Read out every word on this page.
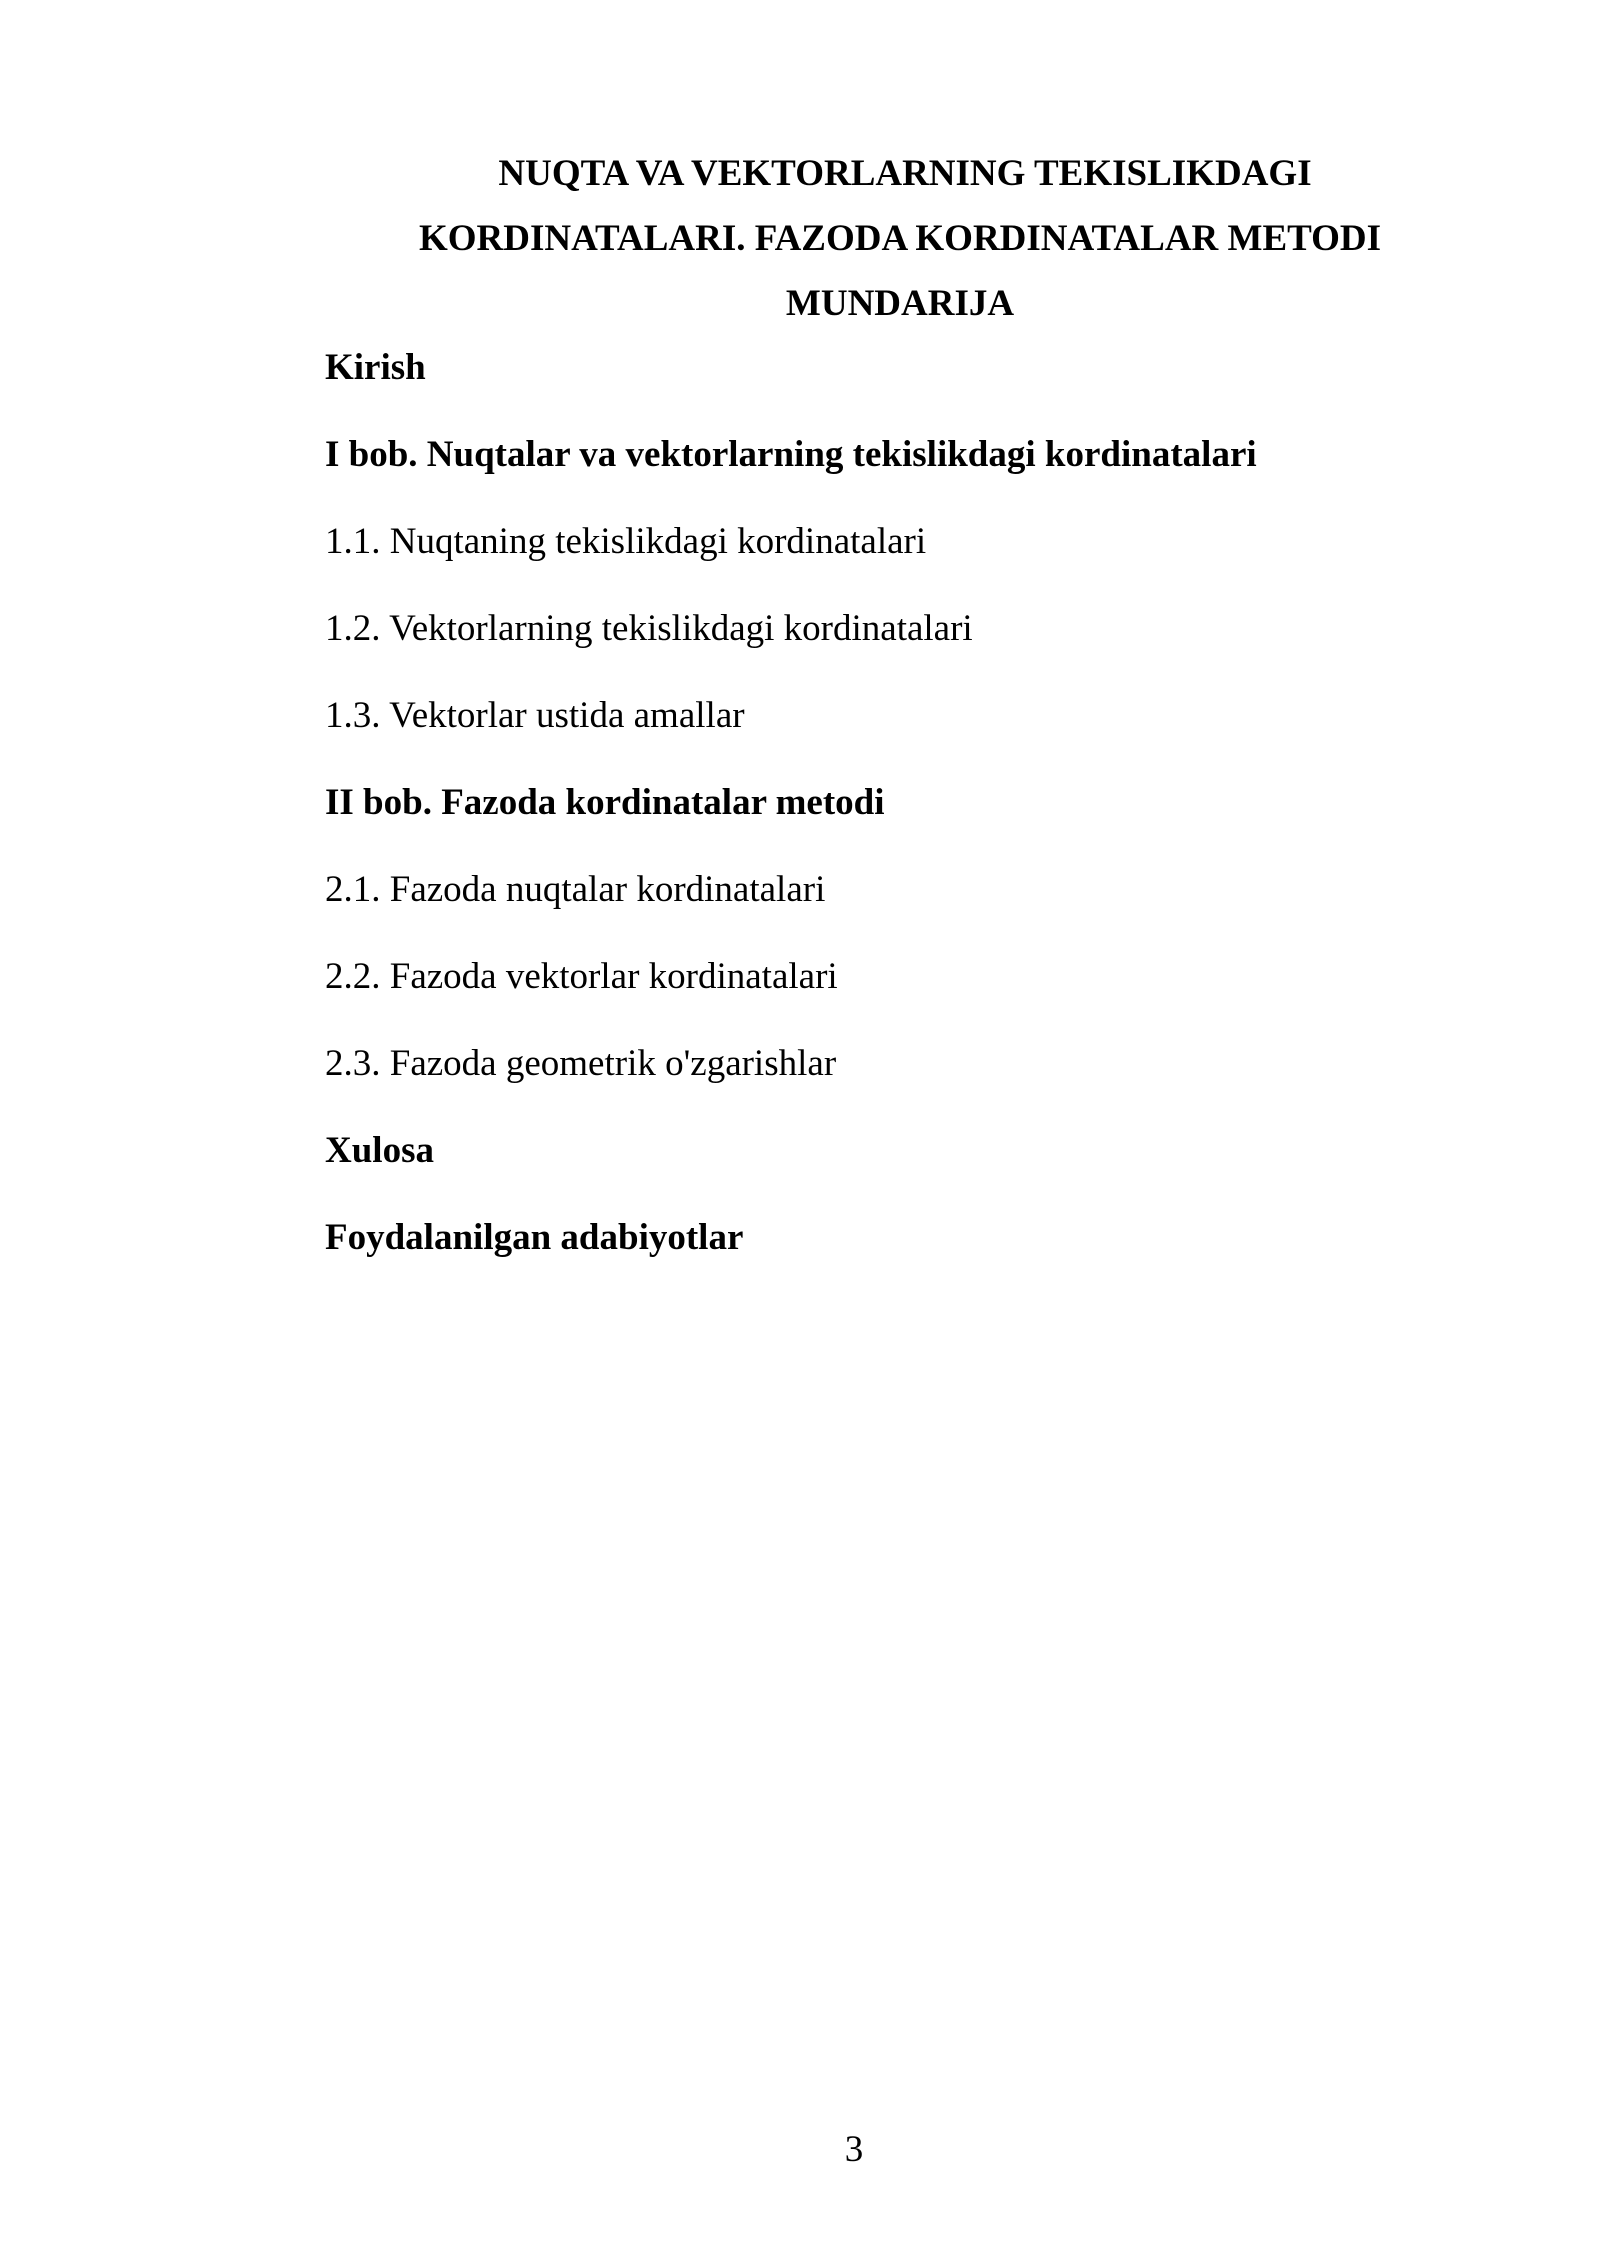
NUQTA VA VEKTORLARNING TEKISLIKDAGI
KORDINATALARI. FAZODA KORDINATALAR METODI
MUNDARIJA
Kirish
I bob. Nuqtalar va vektorlarning tekislikdagi kordinatalari
1.1. Nuqtaning tekislikdagi kordinatalari
1.2. Vektorlarning tekislikdagi kordinatalari
1.3. Vektorlar ustida amallar
II bob. Fazoda kordinatalar metodi
2.1. Fazoda nuqtalar kordinatalari
2.2. Fazoda vektorlar kordinatalari
2.3. Fazoda geometrik o'zgarishlar
Xulosa
Foydalanilgan adabiyotlar
3
